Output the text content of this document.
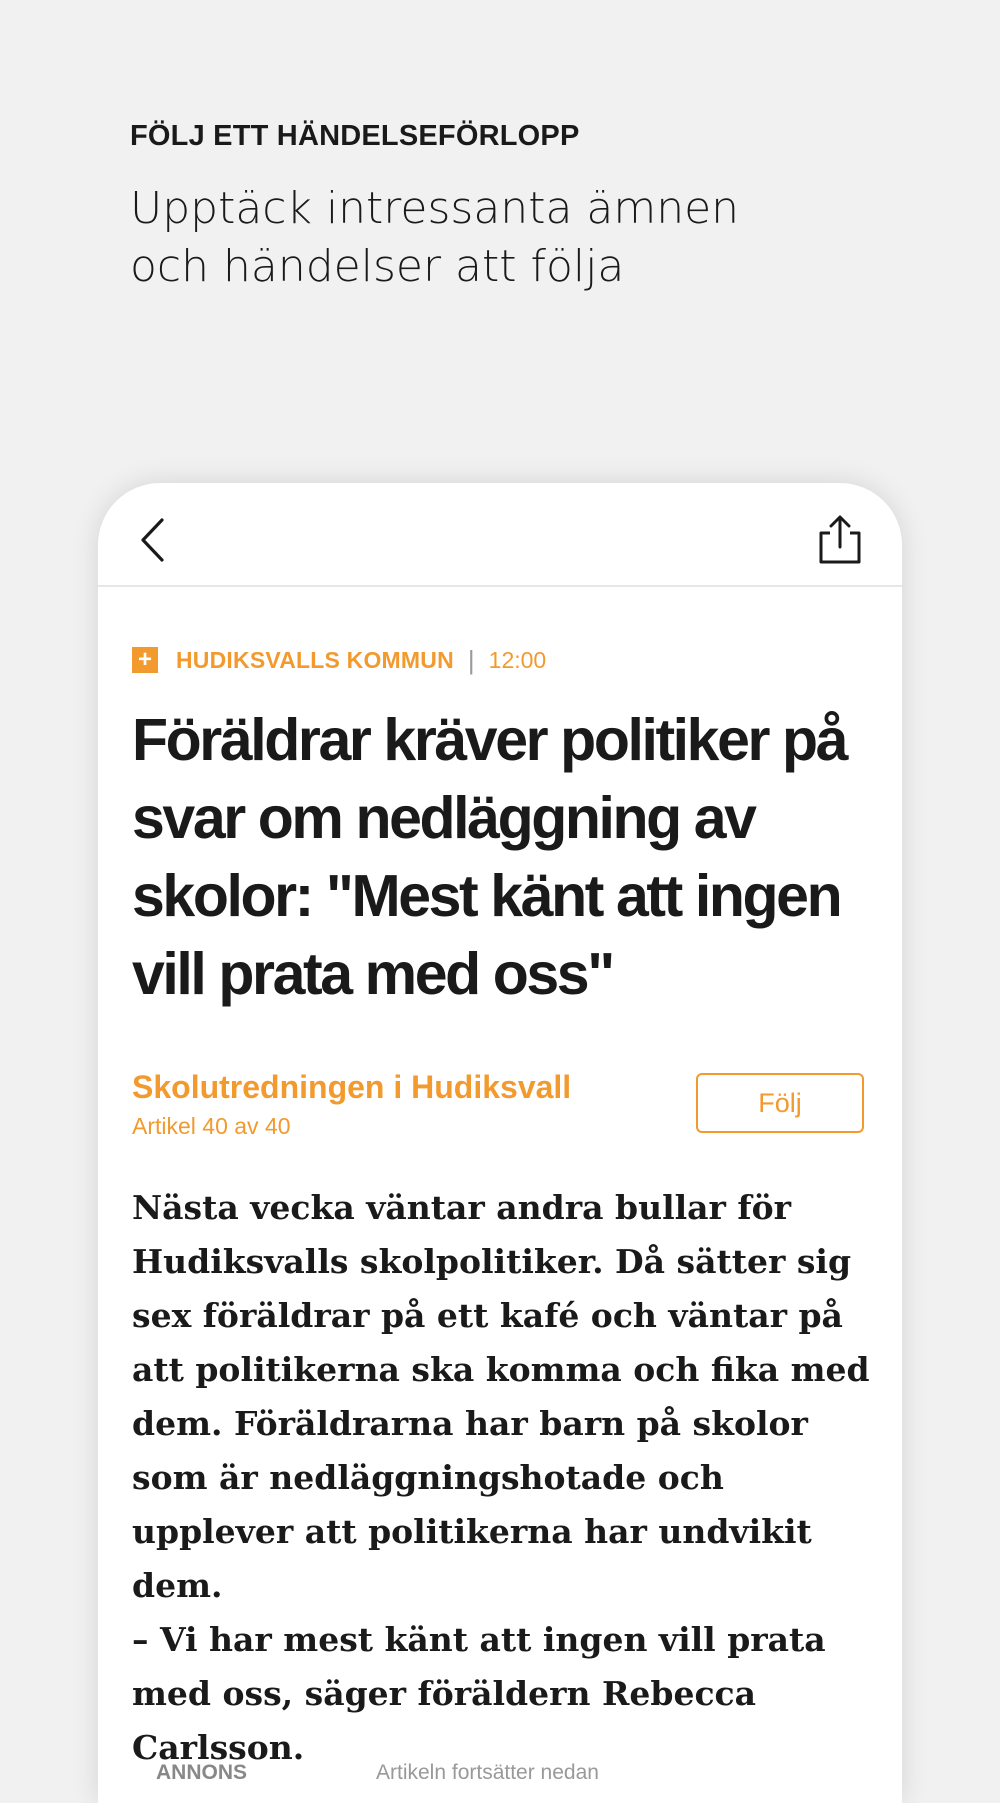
FÖLJ ETT HÄNDELSEFÖRLOPP
Upptäck intressanta ämnen och händelser att följa
+ HUDIKSVALLS KOMMUN | 12:00
Föräldrar kräver politiker på svar om nedläggning av skolor: "Mest känt att ingen vill prata med oss"
Skolutredningen i Hudiksvall
Artikel 40 av 40
Följ

Nästa vecka väntar andra bullar för Hudiksvalls skolpolitiker. Då sätter sig sex föräldrar på ett kafé och väntar på att politikerna ska komma och fika med dem. Föräldrarna har barn på skolor som är nedläggningshotade och upplever att politikerna har undvikit dem.

– Vi har mest känt att ingen vill prata med oss, säger föräldern Rebecca Carlsson.

ANNONS	Artikeln fortsätter nedan
